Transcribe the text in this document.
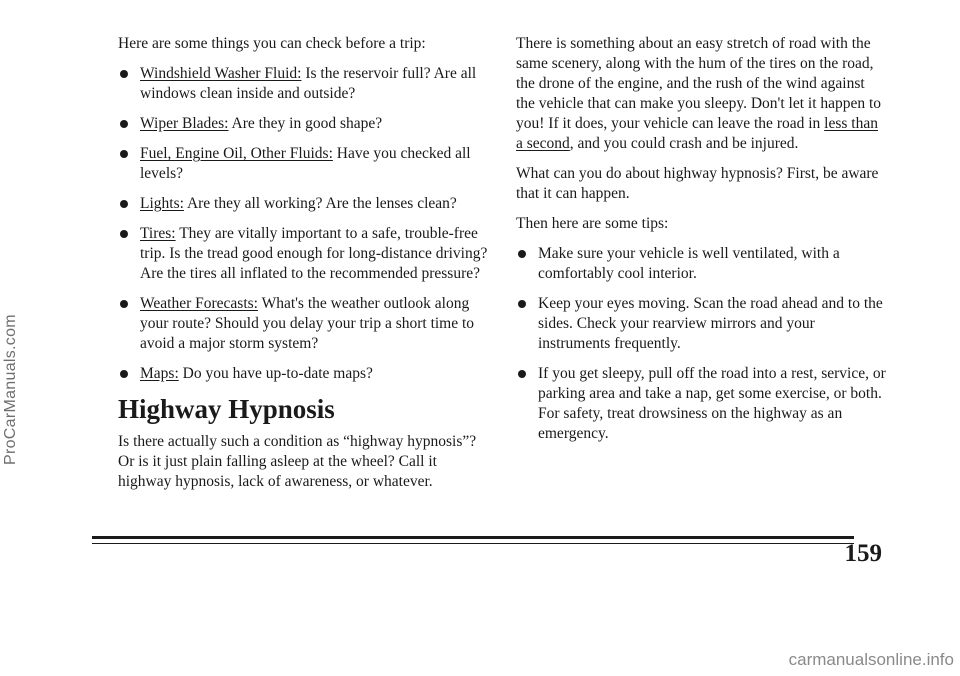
ProCarManuals.com

Here are some things you can check before a trip:

Windshield Washer Fluid: Is the reservoir full? Are all windows clean inside and outside?
Wiper Blades: Are they in good shape?
Fuel, Engine Oil, Other Fluids: Have you checked all levels?
Lights: Are they all working? Are the lenses clean?
Tires: They are vitally important to a safe, trouble-free trip. Is the tread good enough for long-distance driving? Are the tires all inflated to the recommended pressure?
Weather Forecasts: What's the weather outlook along your route? Should you delay your trip a short time to avoid a major storm system?
Maps: Do you have up-to-date maps?
Highway Hypnosis

Is there actually such a condition as “highway hypnosis”? Or is it just plain falling asleep at the wheel? Call it highway hypnosis, lack of awareness, or whatever.

There is something about an easy stretch of road with the same scenery, along with the hum of the tires on the road, the drone of the engine, and the rush of the wind against the vehicle that can make you sleepy. Don't let it happen to you! If it does, your vehicle can leave the road in less than a second, and you could crash and be injured.

What can you do about highway hypnosis? First, be aware that it can happen.

Then here are some tips:

Make sure your vehicle is well ventilated, with a comfortably cool interior.
Keep your eyes moving. Scan the road ahead and to the sides. Check your rearview mirrors and your instruments frequently.
If you get sleepy, pull off the road into a rest, service, or parking area and take a nap, get some exercise, or both. For safety, treat drowsiness on the highway as an emergency.
159
carmanualsonline.info
